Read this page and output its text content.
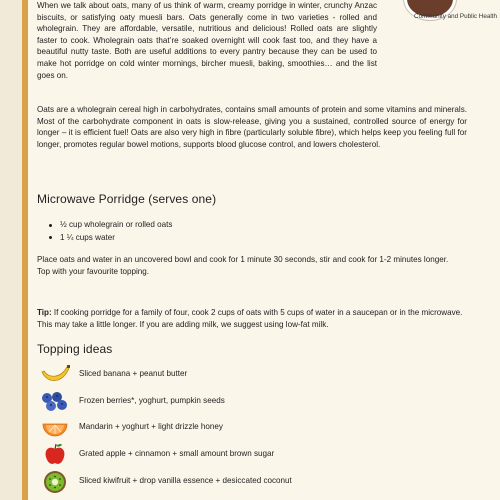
Community and Public Health

When we talk about oats, many of us think of warm, creamy porridge in winter, crunchy Anzac biscuits, or satisfying oaty muesli bars. Oats generally come in two varieties - rolled and wholegrain. They are affordable, versatile, nutritious and delicious! Rolled oats are slightly faster to cook. Wholegrain oats that’re soaked overnight will cook fast too, and they have a beautiful nutty taste. Both are useful additions to every pantry because they can be used to make hot porridge on cold winter mornings, bircher muesli, baking, smoothies… and the list goes on.

Oats are a wholegrain cereal high in carbohydrates, contains small amounts of protein and some vitamins and minerals. Most of the carbohydrate component in oats is slow-release, giving you a sustained, controlled source of energy for longer – it is efficient fuel! Oats are also very high in fibre (particularly soluble fibre), which helps keep you feeling full for longer, promotes regular bowel motions, supports blood glucose control, and lowers cholesterol.

Microwave Porridge (serves one)
½ cup wholegrain or rolled oats
1 ¼ cups water

Place oats and water in an uncovered bowl and cook for 1 minute 30 seconds, stir and cook for 1-2 minutes longer.

Top with your favourite topping.

Tip: If cooking porridge for a family of four, cook 2 cups of oats with 5 cups of water in a saucepan or in the microwave. This may take a little longer. If you are adding milk, we suggest using low-fat milk.

Topping ideas
Sliced banana + peanut butter
Frozen berries*, yoghurt, pumpkin seeds
Mandarin + yoghurt + light drizzle honey
Grated apple + cinnamon + small amount brown sugar
Sliced kiwifruit + drop vanilla essence + desiccated coconut
